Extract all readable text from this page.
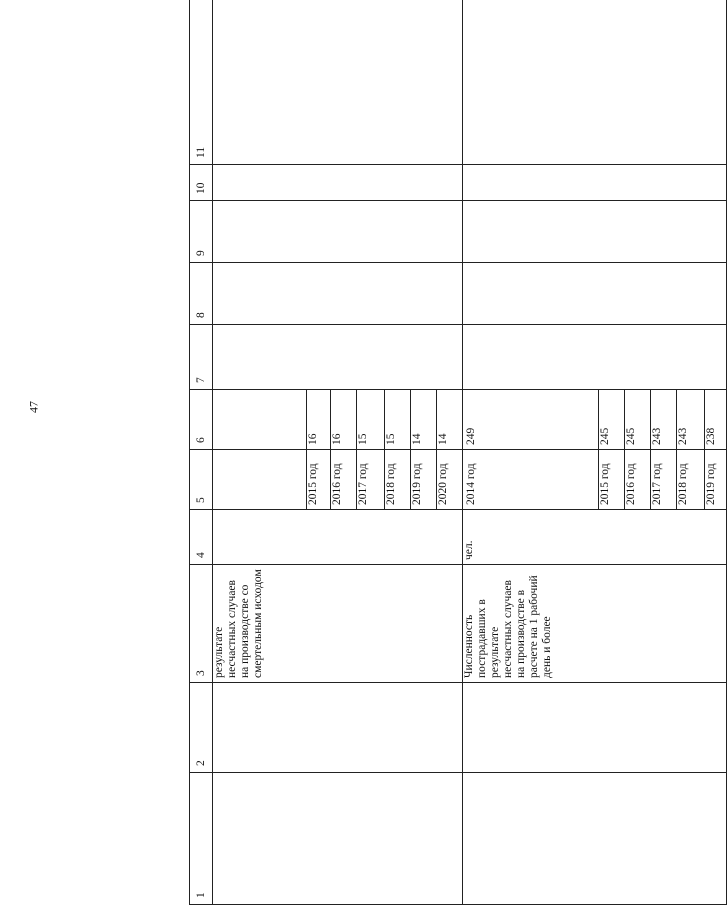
47
1	2	3	4	5	6	7	8	9	10	11
		результате несчастных случаев на производстве со смертельным исходом								
				2015 год	16					
				2016 год	16					
				2017 год	15					
				2018 год	15					
				2019 год	14					
				2020 год	14					
		Численность пострадавших в результате несчастных случаев на производстве в расчете на 1 рабочий день и более	чел.	2014 год	249					
				2015 год	245					
				2016 год	245					
				2017 год	243					
				2018 год	243					
				2019 год	238					
